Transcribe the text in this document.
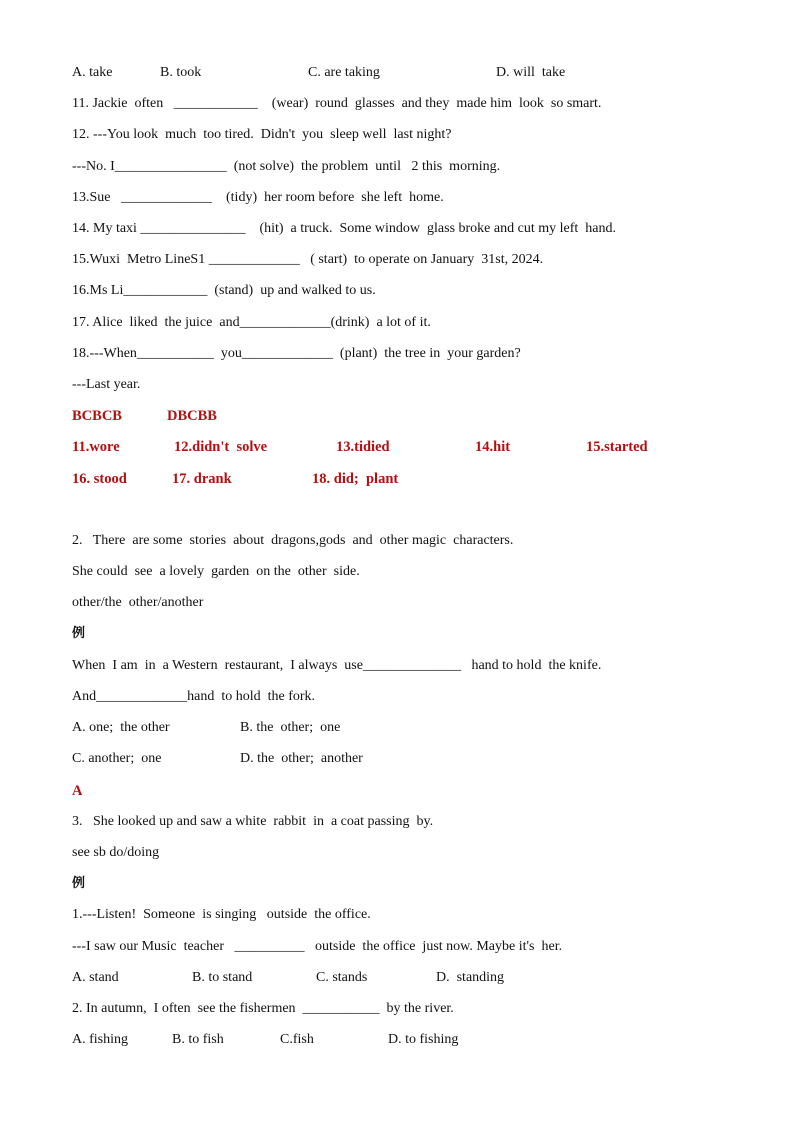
A. take	B. took	C. are taking	D. will  take
11. Jackie  often   ____________    (wear)  round  glasses  and they  made him  look  so smart.
12. ---You look  much  too tired.  Didn't  you  sleep well  last night?
---No. I________________  (not solve)  the problem  until   2 this  morning.
13.Sue   _____________    (tidy)  her room before  she left  home.
14. My taxi _______________    (hit)  a truck.  Some window  glass broke and cut my left  hand.
15.Wuxi  Metro LineS1 _____________   ( start)  to operate on January  31st, 2024.
16.Ms Li____________  (stand)  up and walked to us.
17. Alice  liked  the juice  and_____________(drink)  a lot of it.
18.---When___________  you_____________  (plant)  the tree in  your garden?
---Last year.
BCBCB	DBCBB
11.wore	12.didn't  solve	13.tidied	14.hit	15.started
16. stood	17. drank	18. did;  plant
2.   There  are some  stories  about  dragons,gods  and  other magic  characters.
She could  see  a lovely  garden  on the  other  side.
other/the  other/another
例
When  I am  in  a Western  restaurant,  I always  use______________   hand to hold  the knife.
And_____________hand  to hold  the fork.
A. one;  the other	B. the  other;  one
C. another;  one	D. the  other;  another
A
3.   She looked up and saw a white  rabbit  in  a coat passing  by.
see sb do/doing
例
1.---Listen!  Someone  is singing   outside  the office.
---I saw our Music  teacher   __________   outside  the office  just now. Maybe it's  her.
A. stand	B. to stand	C. stands	D.  standing
2. In autumn,  I often  see the fishermen  ___________  by the river.
A. fishing	B. to fish	C.fish	D. to fishing
